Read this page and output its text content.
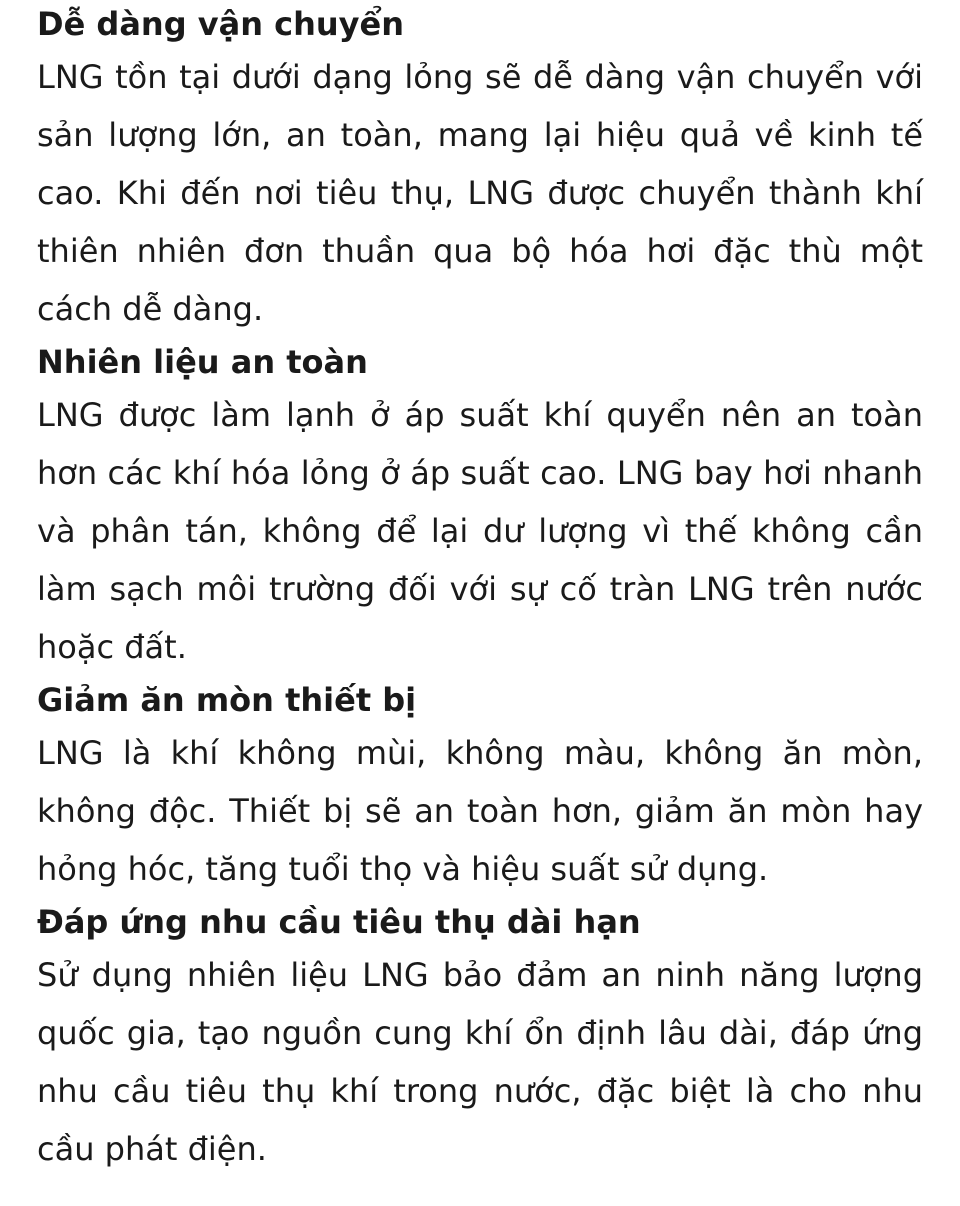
Dễ dàng vận chuyển

LNG tồn tại dưới dạng lỏng sẽ dễ dàng vận chuyển với sản lượng lớn, an toàn, mang lại hiệu quả về kinh tế cao. Khi đến nơi tiêu thụ, LNG được chuyển thành khí thiên nhiên đơn thuần qua bộ hóa hơi đặc thù một cách dễ dàng.

Nhiên liệu an toàn

LNG được làm lạnh ở áp suất khí quyển nên an toàn hơn các khí hóa lỏng ở áp suất cao. LNG bay hơi nhanh và phân tán, không để lại dư lượng vì thế không cần làm sạch môi trường đối với sự cố tràn LNG trên nước hoặc đất.

Giảm ăn mòn thiết bị

LNG là khí không mùi, không màu, không ăn mòn, không độc. Thiết bị sẽ an toàn hơn, giảm ăn mòn hay hỏng hóc, tăng tuổi thọ và hiệu suất sử dụng.

Đáp ứng nhu cầu tiêu thụ dài hạn

Sử dụng nhiên liệu LNG bảo đảm an ninh năng lượng quốc gia, tạo nguồn cung khí ổn định lâu dài, đáp ứng nhu cầu tiêu thụ khí trong nước, đặc biệt là cho nhu cầu phát điện.
